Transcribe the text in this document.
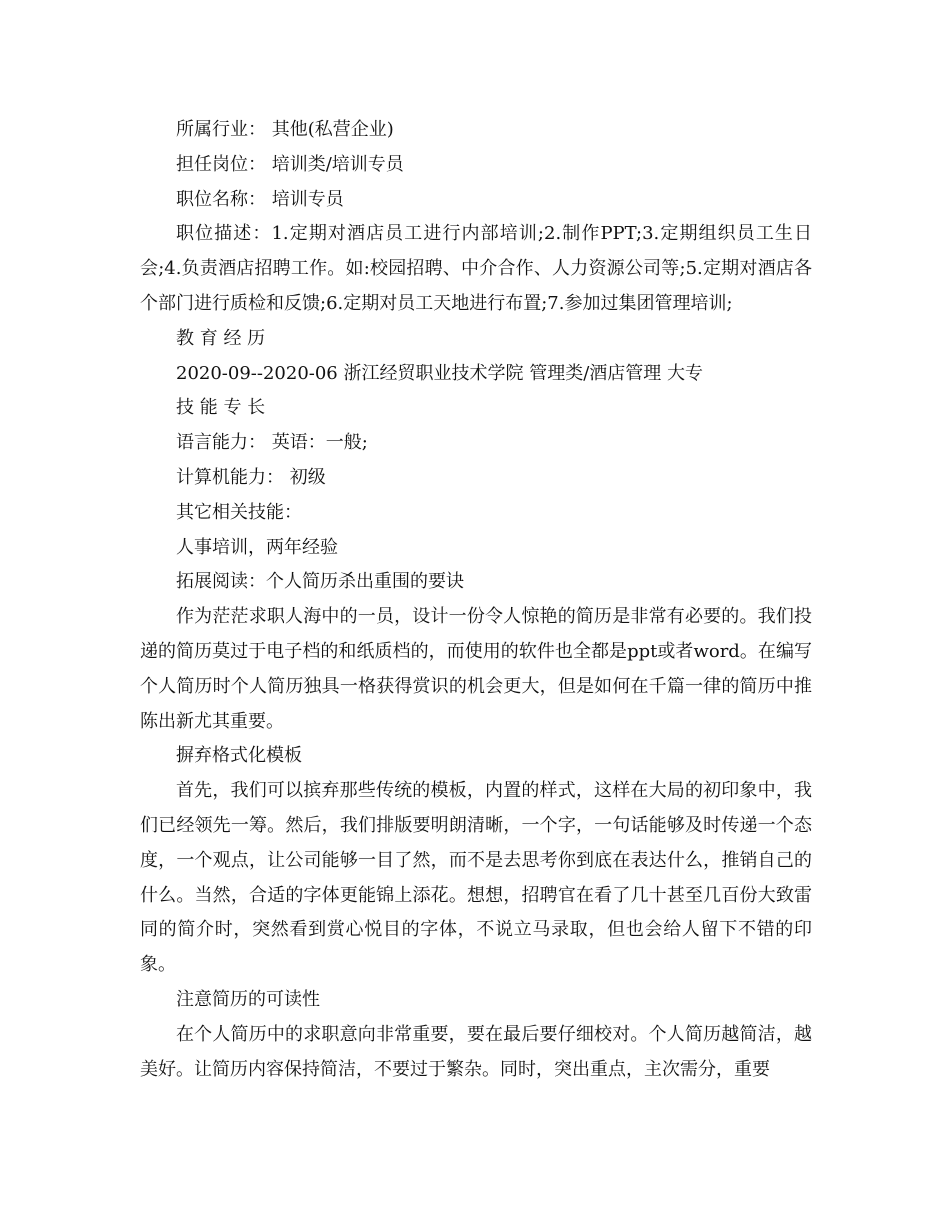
所属行业： 其他(私营企业)

担任岗位： 培训类/培训专员

职位名称： 培训专员

职位描述：1.定期对酒店员工进行内部培训;2.制作PPT;3.定期组织员工生日会;4.负责酒店招聘工作。如:校园招聘、中介合作、人力资源公司等;5.定期对酒店各个部门进行质检和反馈;6.定期对员工天地进行布置;7.参加过集团管理培训;

教 育 经 历

2020-09--2020-06 浙江经贸职业技术学院 管理类/酒店管理 大专

技 能 专 长

语言能力： 英语：一般;

计算机能力： 初级

其它相关技能：

人事培训，两年经验

拓展阅读：个人简历杀出重围的要诀

作为茫茫求职人海中的一员，设计一份令人惊艳的简历是非常有必要的。我们投递的简历莫过于电子档的和纸质档的，而使用的软件也全都是ppt或者word。在编写个人简历时个人简历独具一格获得赏识的机会更大，但是如何在千篇一律的简历中推陈出新尤其重要。

摒弃格式化模板

首先，我们可以摈弃那些传统的模板，内置的样式，这样在大局的初印象中，我们已经领先一筹。然后，我们排版要明朗清晰，一个字，一句话能够及时传递一个态度，一个观点，让公司能够一目了然，而不是去思考你到底在表达什么，推销自己的什么。当然，合适的字体更能锦上添花。想想，招聘官在看了几十甚至几百份大致雷同的简介时，突然看到赏心悦目的字体，不说立马录取，但也会给人留下不错的印象。

注意简历的可读性

在个人简历中的求职意向非常重要，要在最后要仔细校对。个人简历越简洁，越美好。让简历内容保持简洁，不要过于繁杂。同时，突出重点，主次需分，重要
